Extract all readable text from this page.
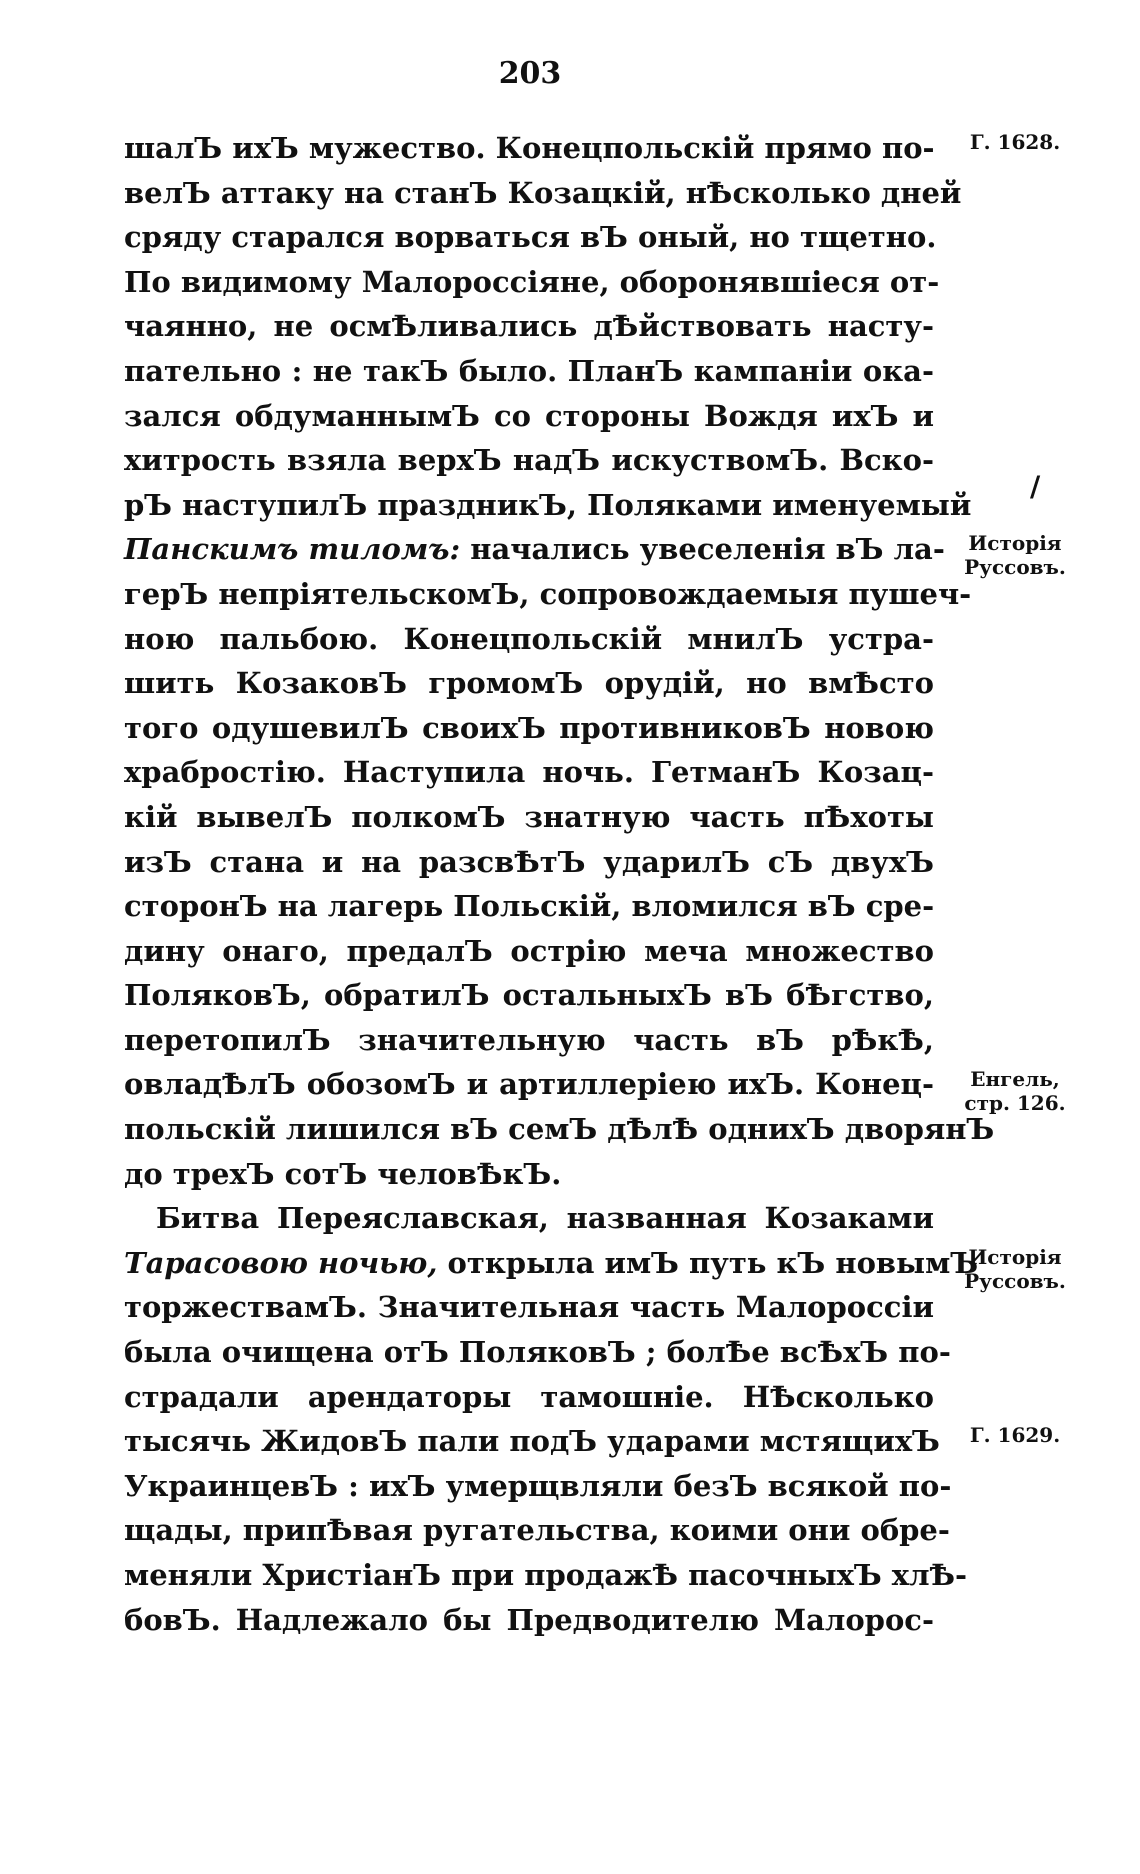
203
шалЪ ихЪ мужество. Конецпольскій прямо по-
велЪ аттаку на станЪ Козацкій, нѢсколько дней
сряду старался ворваться вЪ оный, но тщетно.
По видимому Малороссіяне, оборонявшіеся от-
чаянно, не осмѢливались дѢйствовать насту-
пательно : не такЪ было. ПланЪ кампаніи ока-
зался обдуманнымЪ со стороны Вождя ихЪ и
хитрость взяла верхЪ надЪ искуствомЪ. Вско-
рЪ наступилЪ праздникЪ, Поляками именуемый
Панскимъ тиломъ: начались увеселенія вЪ ла-
герЪ непріятельскомЪ, сопровождаемыя пушеч-
ною пальбою. Конецпольскій мнилЪ устра-
шить КозаковЪ громомЪ орудій, но вмѢсто
того одушевилЪ своихЪ противниковЪ новою
храбростію. Наступила ночь. ГетманЪ Козац-
кій вывелЪ полкомЪ знатную часть пѢхоты
изЪ стана и на разсвѢтЪ ударилЪ сЪ двухЪ
сторонЪ на лагерь Польскій, вломился вЪ сре-
дину онаго, предалЪ острію меча множество
ПоляковЪ, обратилЪ остальныхЪ вЪ бѢгство,
перетопилЪ значительную часть вЪ рѢкѢ,
овладѢлЪ обозомЪ и артиллеріею ихЪ. Конец-
польскій лишился вЪ семЪ дѢлѢ однихЪ дворянЪ
до трехЪ сотЪ человѢкЪ.
Битва Переяславская, названная Козаками
Тарасовою ночью, открыла имЪ путь кЪ новымЪ
торжествамЪ. Значительная часть Малороссіи
была очищена отЪ ПоляковЪ ; болѢе всѢхЪ по-
страдали арендаторы тамошніе. НѢсколько
тысячь ЖидовЪ пали подЪ ударами мстящихЪ
УкраинцевЪ : ихЪ умерщвляли безЪ всякой по-
щады, припѢвая ругательства, коими они обре-
меняли ХристіанЪ при продажѢ пасочныхЪ хлѢ-
бовЪ. Надлежало бы Предводителю Малорос-
Г. 1628.
Исторія
Руссовъ.
Енгель,
стр. 126.
Исторія
Руссовъ.
Г. 1629.
/
